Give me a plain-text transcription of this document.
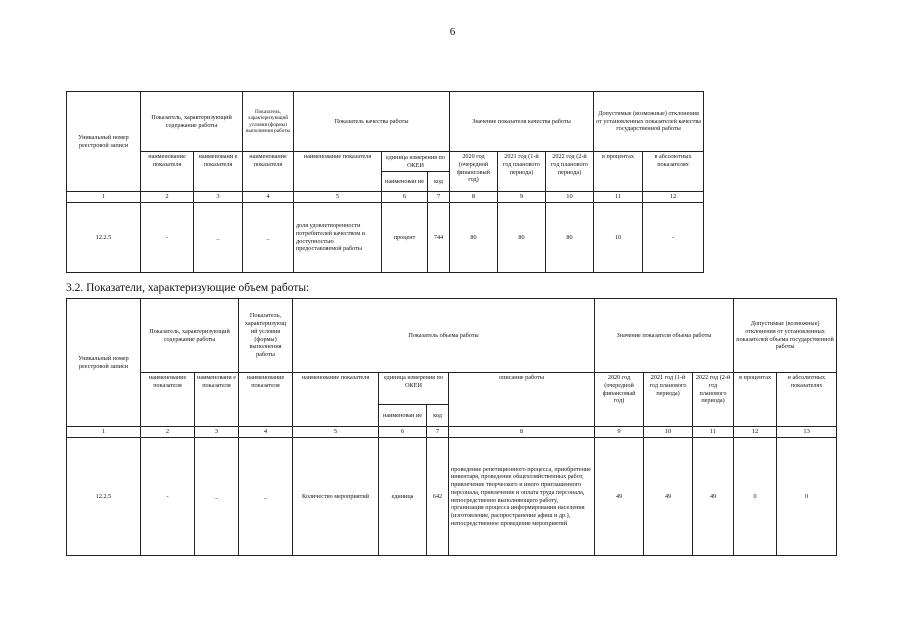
6
Уникальный номер реестровой записи	Показатель, характеризующий содержание работы		Показатель, характеризующий условия (формы) выполнения работы	Показатель качества работы			Значение показателя качества работы			Допустимые (возможные) отклонения от установленных показателей качества государственной работы	
	наименование показателя	наименовани е показателя	наименование показателя	наименование показателя	единица измерения по ОКЕИ		2020 год (очередной финансовый год)	2021 год (1-й год планового периода)	2022 год (2-й год планового периода)	в процентах	в абсолютных показателях
					наименован ие	код					
1	2	3	4	5	6	7	8	9	10	11	12
12.2.5	-	_	_	доля удовлетворенности потребителей качеством и доступностью предоставляемой работы	процент	744	80	80	80	10	-
3.2. Показатели, характеризующие объем работы:
Уникальный номер реестровой записи	Показатель, характеризующий содержание работы		Показатель, характеризующ ий условия (формы) выполнения работы	Показатель объема работы				Значение показателя объема работы			Допустимые (возможные) отклонения от установленных показателей объема государственной работы	
	наименование показателя	наименовани е показателя	наименование показателя	наименование показателя	единица измерения по ОКЕИ		описание работы	2020 год (очередной финансовый год)	2021 год (1-й год планового периода)	2022 год (2-й год планового периода)	в процентах	в абсолютных показателях
					наименован ие	код						
1	2	3	4	5	6	7	8	9	10	11	12	13
12.2.5	-	_	_	Количество мероприятий	единица	642	проведение репетиционного процесса, приобретение инвентаря, проведение общехозяйственных работ, привлечение творческого и иного приглашенного персонала, привлечение и оплата труда персонала, непосредственно выполняющего работу, организация процесса информирования населения (изготовление, распространение афиш и др.), непосредственное проведение мероприятий	49	49	49	0	0
